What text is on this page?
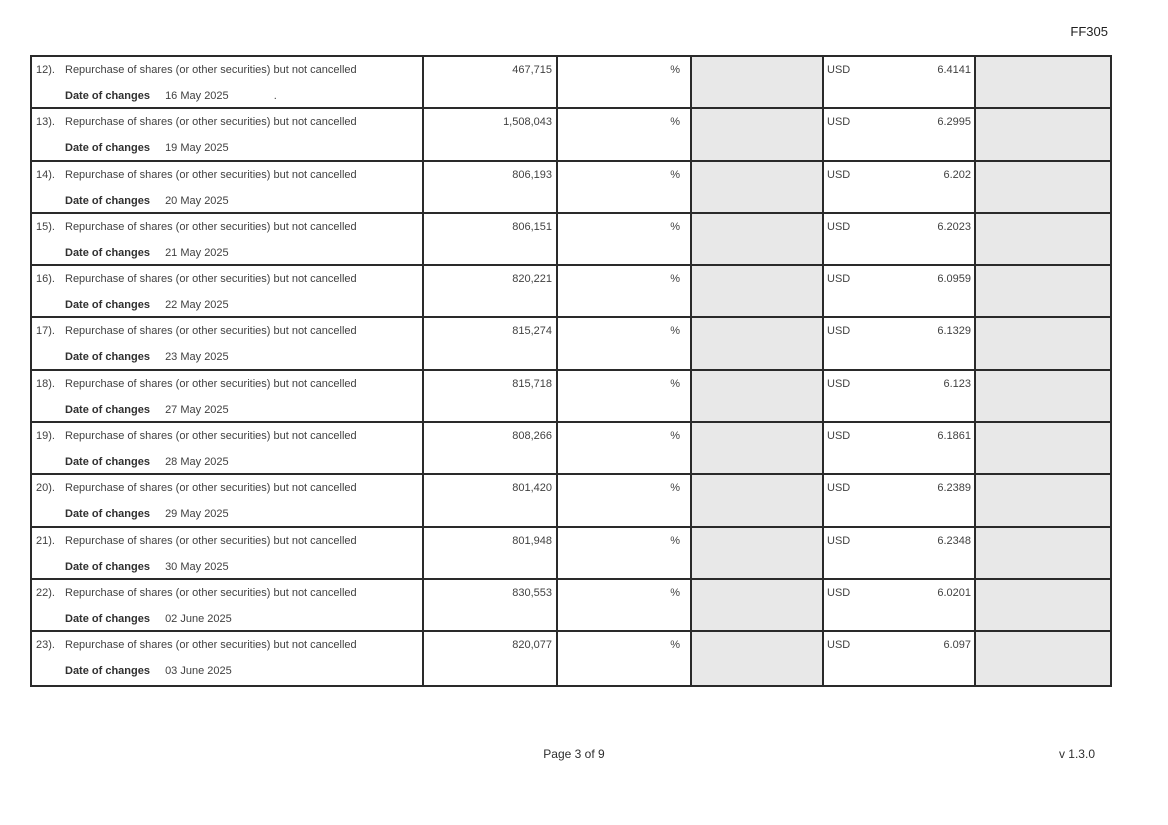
FF305
12). Repurchase of shares (or other securities) but not cancelled
Date of changes 16 May 2025	.
467,715	%	USD	6.4141
13). Repurchase of shares (or other securities) but not cancelled
Date of changes 19 May 2025
1,508,043	%	USD	6.2995
14). Repurchase of shares (or other securities) but not cancelled
Date of changes 20 May 2025
806,193	%	USD	6.202
15). Repurchase of shares (or other securities) but not cancelled
Date of changes 21 May 2025
806,151	%	USD	6.2023
16). Repurchase of shares (or other securities) but not cancelled
Date of changes 22 May 2025
820,221	%	USD	6.0959
17). Repurchase of shares (or other securities) but not cancelled
Date of changes 23 May 2025
815,274	%	USD	6.1329
18). Repurchase of shares (or other securities) but not cancelled
Date of changes 27 May 2025
815,718	%	USD	6.123
19). Repurchase of shares (or other securities) but not cancelled
Date of changes 28 May 2025
808,266	%	USD	6.1861
20). Repurchase of shares (or other securities) but not cancelled
Date of changes 29 May 2025
801,420	%	USD	6.2389
21). Repurchase of shares (or other securities) but not cancelled
Date of changes 30 May 2025
801,948	%	USD	6.2348
22). Repurchase of shares (or other securities) but not cancelled
Date of changes 02 June 2025
830,553	%	USD	6.0201
23). Repurchase of shares (or other securities) but not cancelled
Date of changes 03 June 2025
820,077	%	USD	6.097
Page 3 of 9	v 1.3.0
